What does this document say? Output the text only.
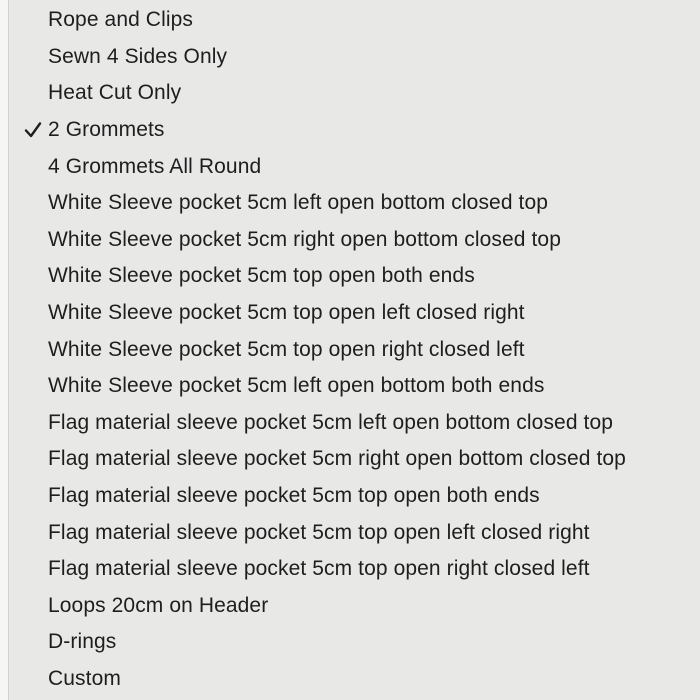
Rope and Clips
Sewn 4 Sides Only
Heat Cut Only
2 Grommets
4 Grommets All Round
White Sleeve pocket 5cm left open bottom closed top
White Sleeve pocket 5cm right open bottom closed top
White Sleeve pocket 5cm top open both ends
White Sleeve pocket 5cm top open left closed right
White Sleeve pocket 5cm top open right closed left
White Sleeve pocket 5cm left open bottom both ends
Flag material sleeve pocket 5cm left open bottom closed top
Flag material sleeve pocket 5cm right open bottom closed top
Flag material sleeve pocket 5cm top open both ends
Flag material sleeve pocket 5cm top open left closed right
Flag material sleeve pocket 5cm top open right closed left
Loops 20cm on Header
D-rings
Custom
